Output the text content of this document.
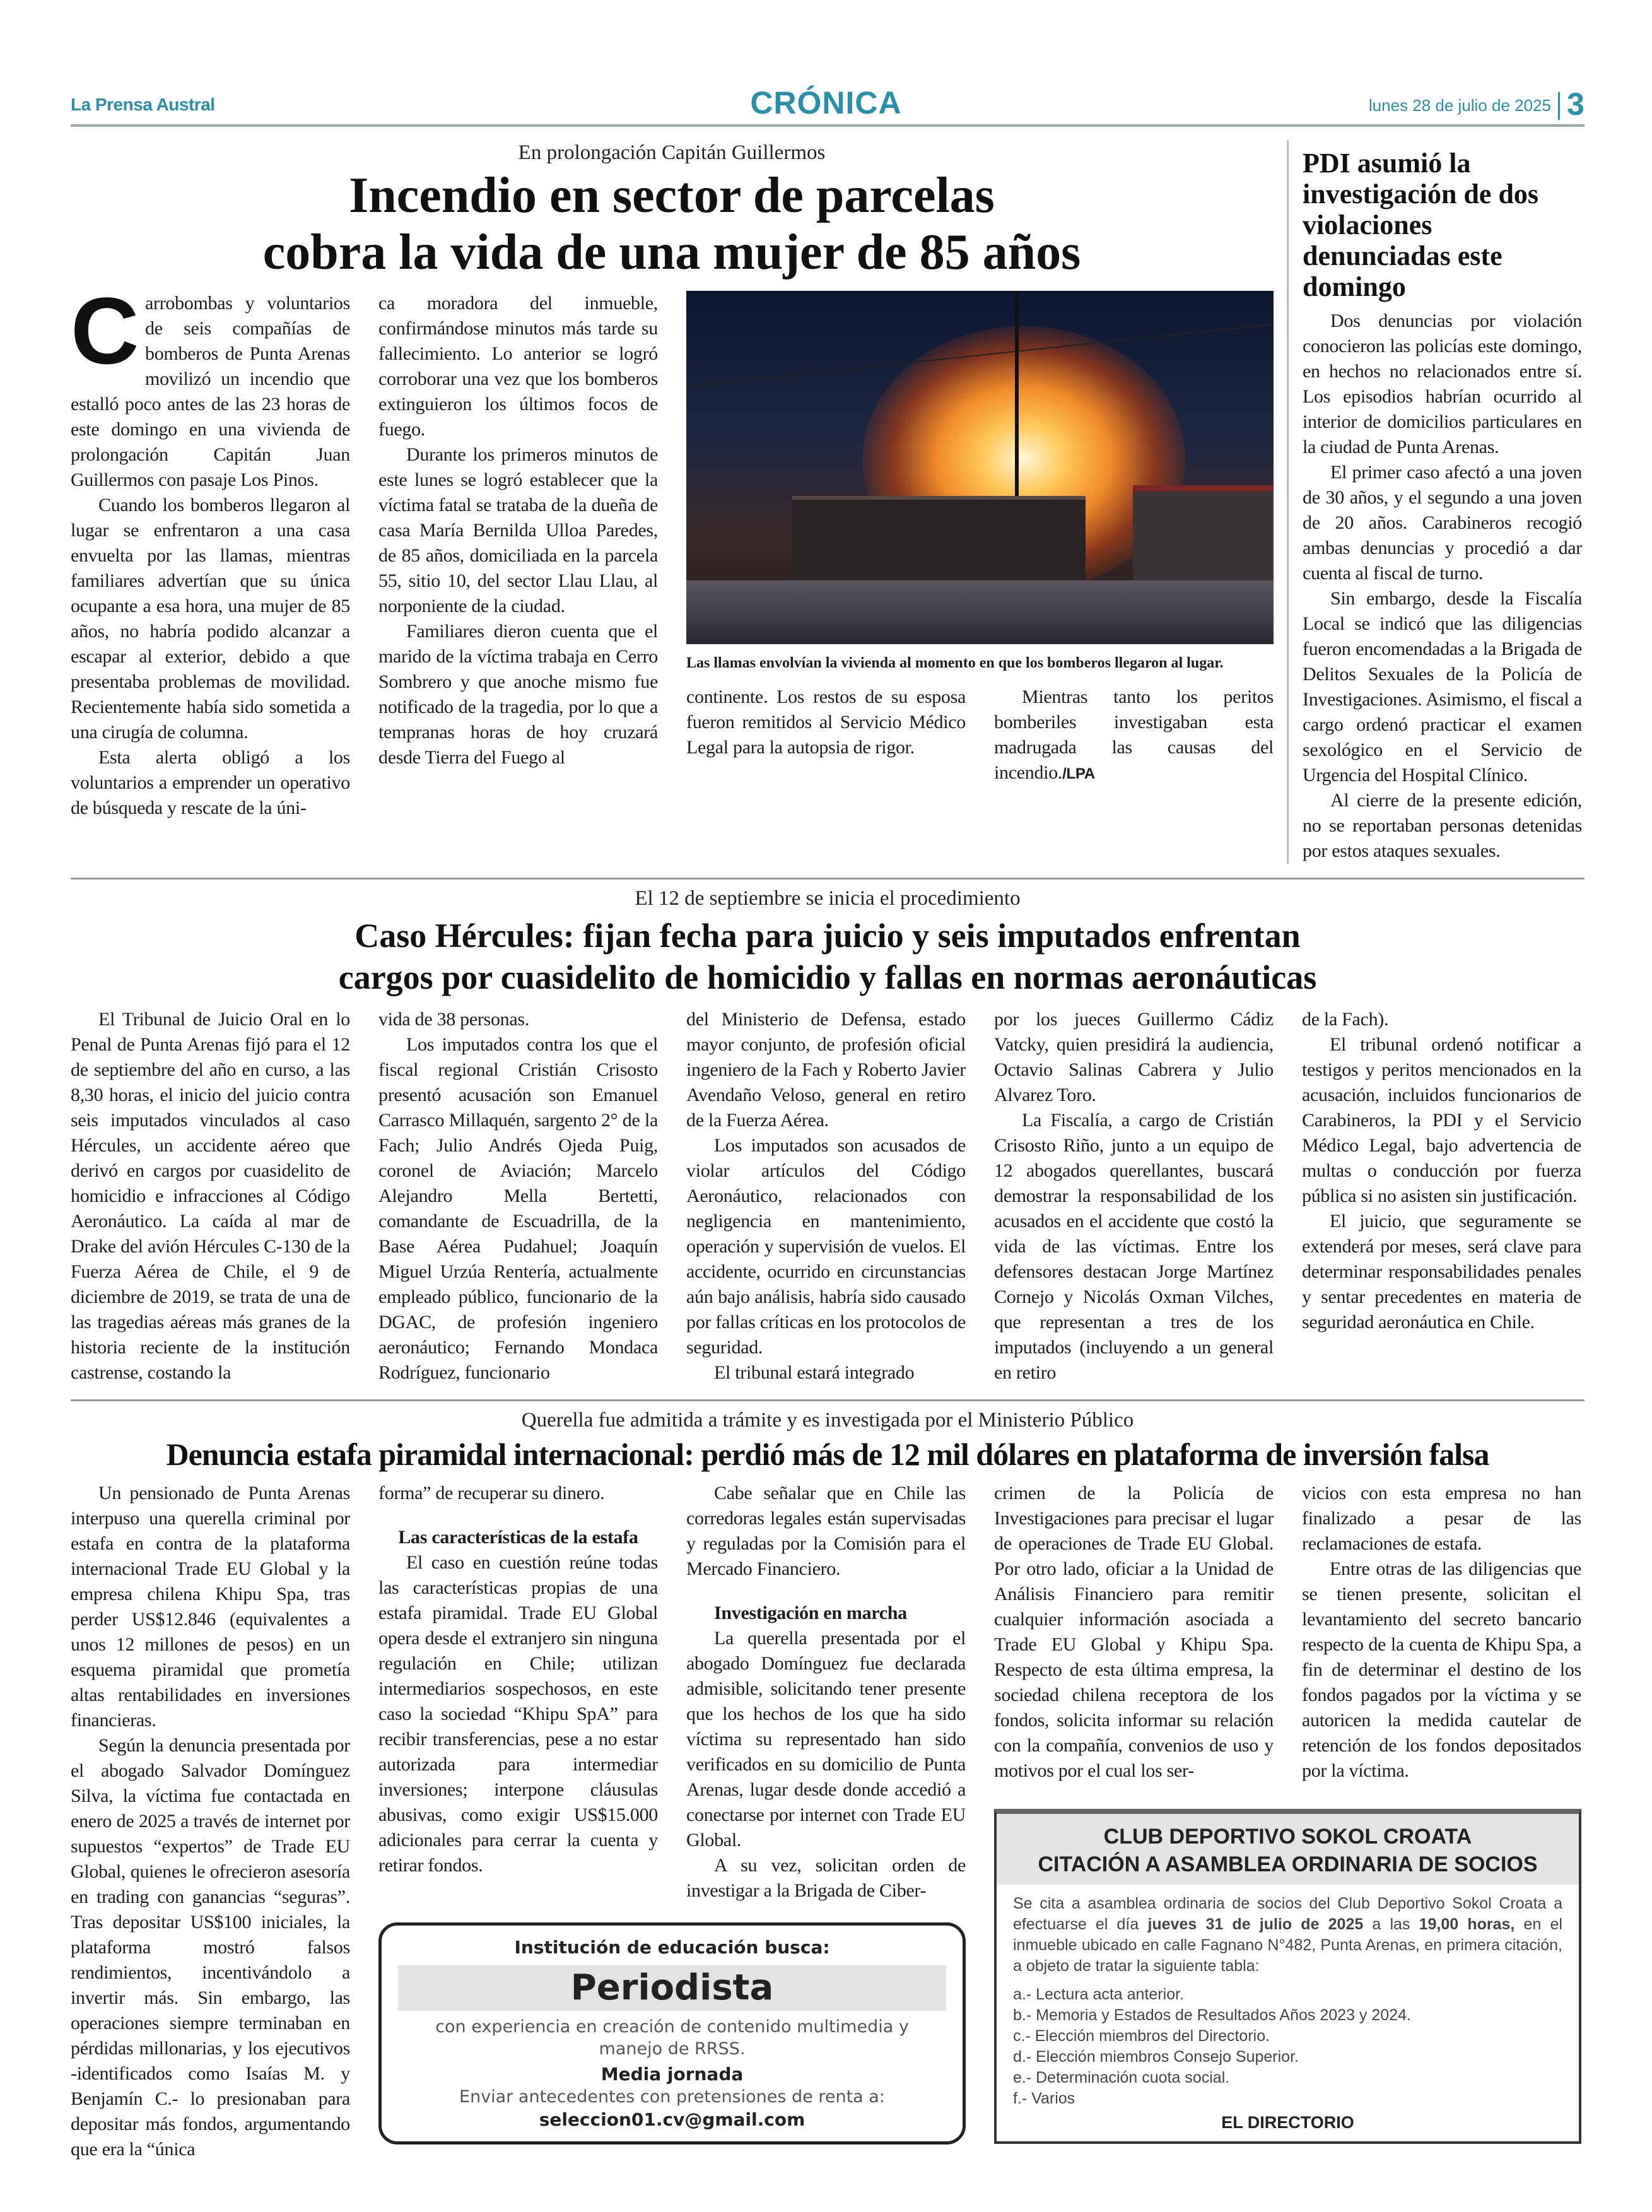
La Prensa Austral	CRÓNICA	lunes 28 de julio de 2025 3
En prolongación Capitán Guillermos
Incendio en sector de parcelas
cobra la vida de una mujer de 85 años
C arrobombas y voluntarios de seis compañías de bomberos de Punta Arenas movilizó un incendio que estalló poco antes de las 23 horas de este domingo en una vivienda de prolongación Capitán Juan Guillermos con pasaje Los Pinos.

Cuando los bomberos llegaron al lugar se enfrentaron a una casa envuelta por las llamas, mientras familiares advertían que su única ocupante a esa hora, una mujer de 85 años, no habría podido alcanzar a escapar al exterior, debido a que presentaba problemas de movilidad. Recientemente había sido sometida a una cirugía de columna.

Esta alerta obligó a los voluntarios a emprender un operativo de búsqueda y rescate de la úni-

ca moradora del inmueble, confirmándose minutos más tarde su fallecimiento. Lo anterior se logró corroborar una vez que los bomberos extinguieron los últimos focos de fuego.

Durante los primeros minutos de este lunes se logró establecer que la víctima fatal se trataba de la dueña de casa María Bernilda Ulloa Paredes, de 85 años, domiciliada en la parcela 55, sitio 10, del sector Llau Llau, al norponiente de la ciudad.

Familiares dieron cuenta que el marido de la víctima trabaja en Cerro Sombrero y que anoche mismo fue notificado de la tragedia, por lo que a tempranas horas de hoy cruzará desde Tierra del Fuego al

Las llamas envolvían la vivienda al momento en que los bomberos llegaron al lugar.

continente. Los restos de su esposa fueron remitidos al Servicio Médico Legal para la autopsia de rigor.

Mientras tanto los peritos bomberiles investigaban esta madrugada las causas del incendio./LPA

PDI asumió la investigación de dos violaciones denunciadas este domingo

Dos denuncias por violación conocieron las policías este domingo, en hechos no relacionados entre sí. Los episodios habrían ocurrido al interior de domicilios particulares en la ciudad de Punta Arenas.

El primer caso afectó a una joven de 30 años, y el segundo a una joven de 20 años. Carabineros recogió ambas denuncias y procedió a dar cuenta al fiscal de turno.

Sin embargo, desde la Fiscalía Local se indicó que las diligencias fueron encomendadas a la Brigada de Delitos Sexuales de la Policía de Investigaciones. Asimismo, el fiscal a cargo ordenó practicar el examen sexológico en el Servicio de Urgencia del Hospital Clínico.

Al cierre de la presente edición, no se reportaban personas detenidas por estos ataques sexuales.

El 12 de septiembre se inicia el procedimiento
Caso Hércules: fijan fecha para juicio y seis imputados enfrentan
cargos por cuasidelito de homicidio y fallas en normas aeronáuticas

El Tribunal de Juicio Oral en lo Penal de Punta Arenas fijó para el 12 de septiembre del año en curso, a las 8,30 horas, el inicio del juicio contra seis imputados vinculados al caso Hércules, un accidente aéreo que derivó en cargos por cuasidelito de homicidio e infracciones al Código Aeronáutico. La caída al mar de Drake del avión Hércules C-130 de la Fuerza Aérea de Chile, el 9 de diciembre de 2019, se trata de una de las tragedias aéreas más granes de la historia reciente de la institución castrense, costando la

vida de 38 personas.

Los imputados contra los que el fiscal regional Cristián Crisosto presentó acusación son Emanuel Carrasco Millaquén, sargento 2° de la Fach; Julio Andrés Ojeda Puig, coronel de Aviación; Marcelo Alejandro Mella Bertetti, comandante de Escuadrilla, de la Base Aérea Pudahuel; Joaquín Miguel Urzúa Rentería, actualmente empleado público, funcionario de la DGAC, de profesión ingeniero aeronáutico; Fernando Mondaca Rodríguez, funcionario

del Ministerio de Defensa, estado mayor conjunto, de profesión oficial ingeniero de la Fach y Roberto Javier Avendaño Veloso, general en retiro de la Fuerza Aérea.

Los imputados son acusados de violar artículos del Código Aeronáutico, relacionados con negligencia en mantenimiento, operación y supervisión de vuelos. El accidente, ocurrido en circunstancias aún bajo análisis, habría sido causado por fallas críticas en los protocolos de seguridad.

El tribunal estará integrado

por los jueces Guillermo Cádiz Vatcky, quien presidirá la audiencia, Octavio Salinas Cabrera y Julio Alvarez Toro.

La Fiscalía, a cargo de Cristián Crisosto Riño, junto a un equipo de 12 abogados querellantes, buscará demostrar la responsabilidad de los acusados en el accidente que costó la vida de las víctimas. Entre los defensores destacan Jorge Martínez Cornejo y Nicolás Oxman Vilches, que representan a tres de los imputados (incluyendo a un general en retiro

de la Fach).

El tribunal ordenó notificar a testigos y peritos mencionados en la acusación, incluidos funcionarios de Carabineros, la PDI y el Servicio Médico Legal, bajo advertencia de multas o conducción por fuerza pública si no asisten sin justificación.

El juicio, que seguramente se extenderá por meses, será clave para determinar responsabilidades penales y sentar precedentes en materia de seguridad aeronáutica en Chile.

Querella fue admitida a trámite y es investigada por el Ministerio Público
Denuncia estafa piramidal internacional: perdió más de 12 mil dólares en plataforma de inversión falsa

Un pensionado de Punta Arenas interpuso una querella criminal por estafa en contra de la plataforma internacional Trade EU Global y la empresa chilena Khipu Spa, tras perder US$12.846 (equivalentes a unos 12 millones de pesos) en un esquema piramidal que prometía altas rentabilidades en inversiones financieras.

Según la denuncia presentada por el abogado Salvador Domínguez Silva, la víctima fue contactada en enero de 2025 a través de internet por supuestos “expertos” de Trade EU Global, quienes le ofrecieron asesoría en trading con ganancias “seguras”. Tras depositar US$100 iniciales, la plataforma mostró falsos rendimientos, incentivándolo a invertir más. Sin embargo, las operaciones siempre terminaban en pérdidas millonarias, y los ejecutivos -identificados como Isaías M. y Benjamín C.- lo presionaban para depositar más fondos, argumentando que era la “única

forma” de recuperar su dinero.

Las características de la estafa

El caso en cuestión reúne todas las características propias de una estafa piramidal. Trade EU Global opera desde el extranjero sin ninguna regulación en Chile; utilizan intermediarios sospechosos, en este caso la sociedad “Khipu SpA” para recibir transferencias, pese a no estar autorizada para intermediar inversiones; interpone cláusulas abusivas, como exigir US$15.000 adicionales para cerrar la cuenta y retirar fondos.

Cabe señalar que en Chile las corredoras legales están supervisadas y reguladas por la Comisión para el Mercado Financiero.

Investigación en marcha

La querella presentada por el abogado Domínguez fue declarada admisible, solicitando tener presente que los hechos de los que ha sido víctima su representado han sido verificados en su domicilio de Punta Arenas, lugar desde donde accedió a conectarse por internet con Trade EU Global.

A su vez, solicitan orden de investigar a la Brigada de Ciber-

Institución de educación busca:
Periodista
con experiencia en creación de contenido multimedia y manejo de RRSS.
Media jornada
Enviar antecedentes con pretensiones de renta a:
seleccion01.cv@gmail.com

crimen de la Policía de Investigaciones para precisar el lugar de operaciones de Trade EU Global. Por otro lado, oficiar a la Unidad de Análisis Financiero para remitir cualquier información asociada a Trade EU Global y Khipu Spa. Respecto de esta última empresa, la sociedad chilena receptora de los fondos, solicita informar su relación con la compañía, convenios de uso y motivos por el cual los ser-

vicios con esta empresa no han finalizado a pesar de las reclamaciones de estafa.

Entre otras de las diligencias que se tienen presente, solicitan el levantamiento del secreto bancario respecto de la cuenta de Khipu Spa, a fin de determinar el destino de los fondos pagados por la víctima y se autoricen la medida cautelar de retención de los fondos depositados por la víctima.

CLUB DEPORTIVO SOKOL CROATA
CITACIÓN A ASAMBLEA ORDINARIA DE SOCIOS
Se cita a asamblea ordinaria de socios del Club Deportivo Sokol Croata a efectuarse el día jueves 31 de julio de 2025 a las 19,00 horas, en el inmueble ubicado en calle Fagnano N°482, Punta Arenas, en primera citación, a objeto de tratar la siguiente tabla:
a.- Lectura acta anterior.
b.- Memoria y Estados de Resultados Años 2023 y 2024.
c.- Elección miembros del Directorio.
d.- Elección miembros Consejo Superior.
e.- Determinación cuota social.
f.- Varios
EL DIRECTORIO
